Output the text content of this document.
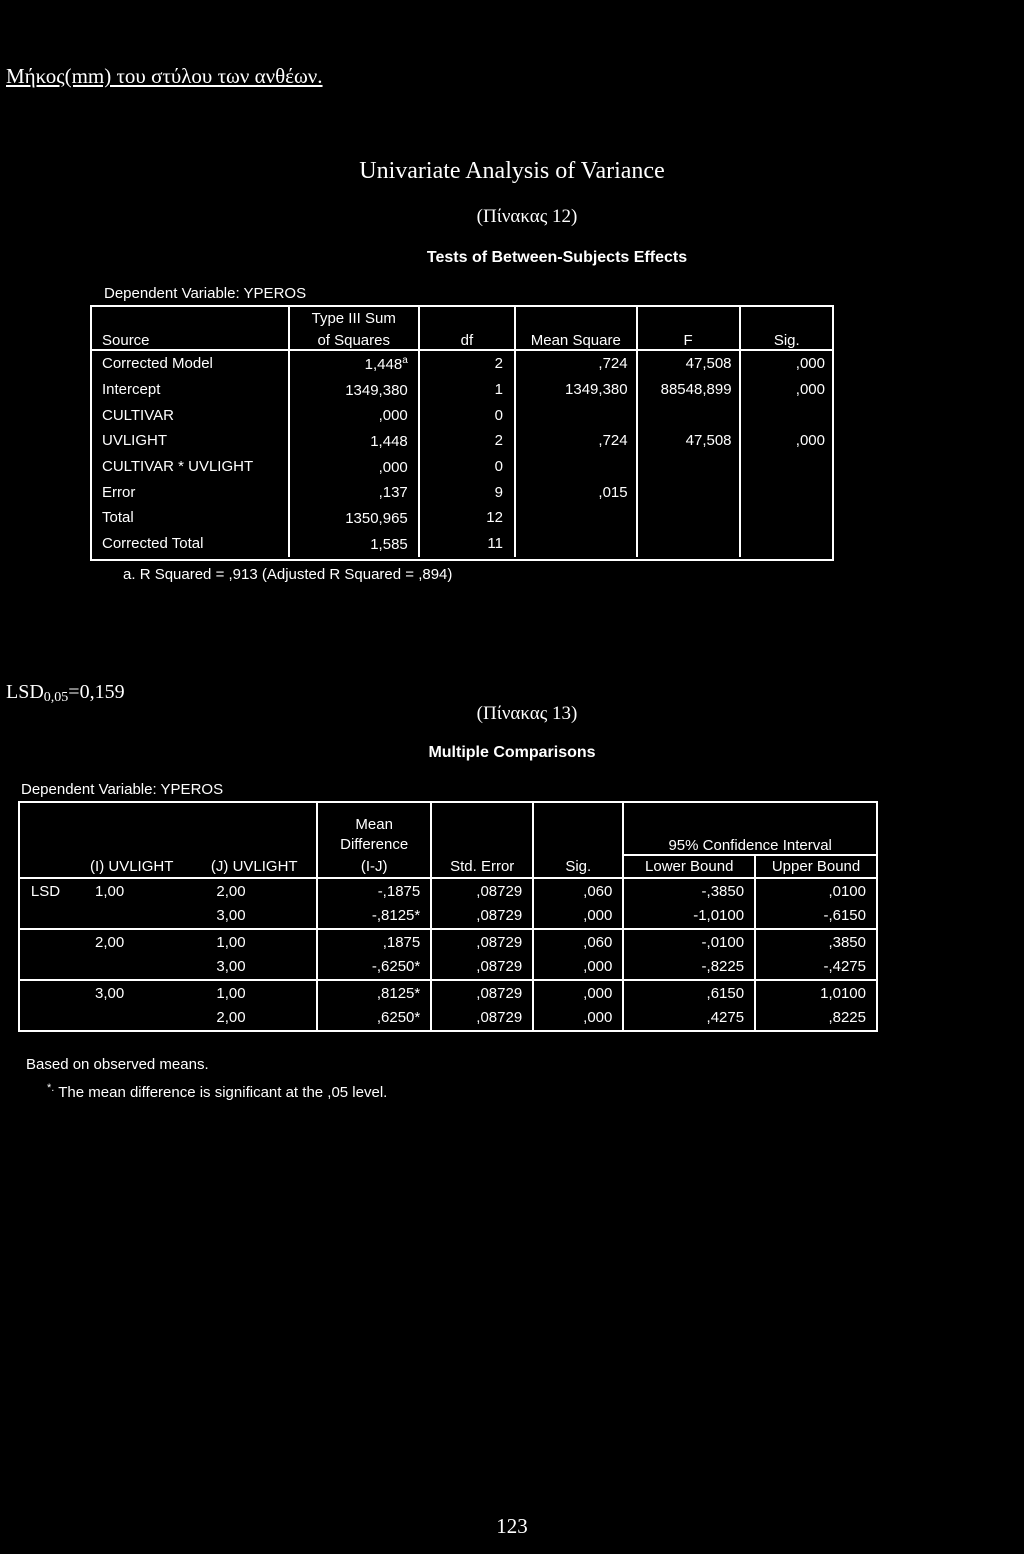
Μήκος(mm) του στύλου των ανθέων.
Univariate Analysis of Variance
(Πίνακας 12)
Tests of Between-Subjects Effects
Dependent Variable: YPEROS
	Type III Sum				
Source	of Squares	df	Mean Square	F	Sig.
Corrected Model	1,448$^a$	2	,724	47,508	,000
Intercept	1349,380	1	1349,380	88548,899	,000
CULTIVAR	,000	0			
UVLIGHT	1,448	2	,724	47,508	,000
CULTIVAR * UVLIGHT	,000	0			
Error	,137	9	,015		
Total	1350,965	12			
Corrected Total	1,585	11			
a. R Squared = ,913 (Adjusted R Squared = ,894)
LSD0,05=0,159
(Πίνακας 13)
Multiple Comparisons
Dependent Variable: YPEROS
			Mean				
			Difference			95% Confidence Interval	
	(I) UVLIGHT	(J) UVLIGHT	(I-J)	Std. Error	Sig.	Lower Bound	Upper Bound
LSD	1,00	2,00	-,1875	,08729	,060	-,3850	,0100
		3,00	-,8125*	,08729	,000	-1,0100	-,6150
	2,00	1,00	,1875	,08729	,060	-,0100	,3850
		3,00	-,6250*	,08729	,000	-,8225	-,4275
	3,00	1,00	,8125*	,08729	,000	,6150	1,0100
		2,00	,6250*	,08729	,000	,4275	,8225
Based on observed means.
*. The mean difference is significant at the ,05 level.
123
